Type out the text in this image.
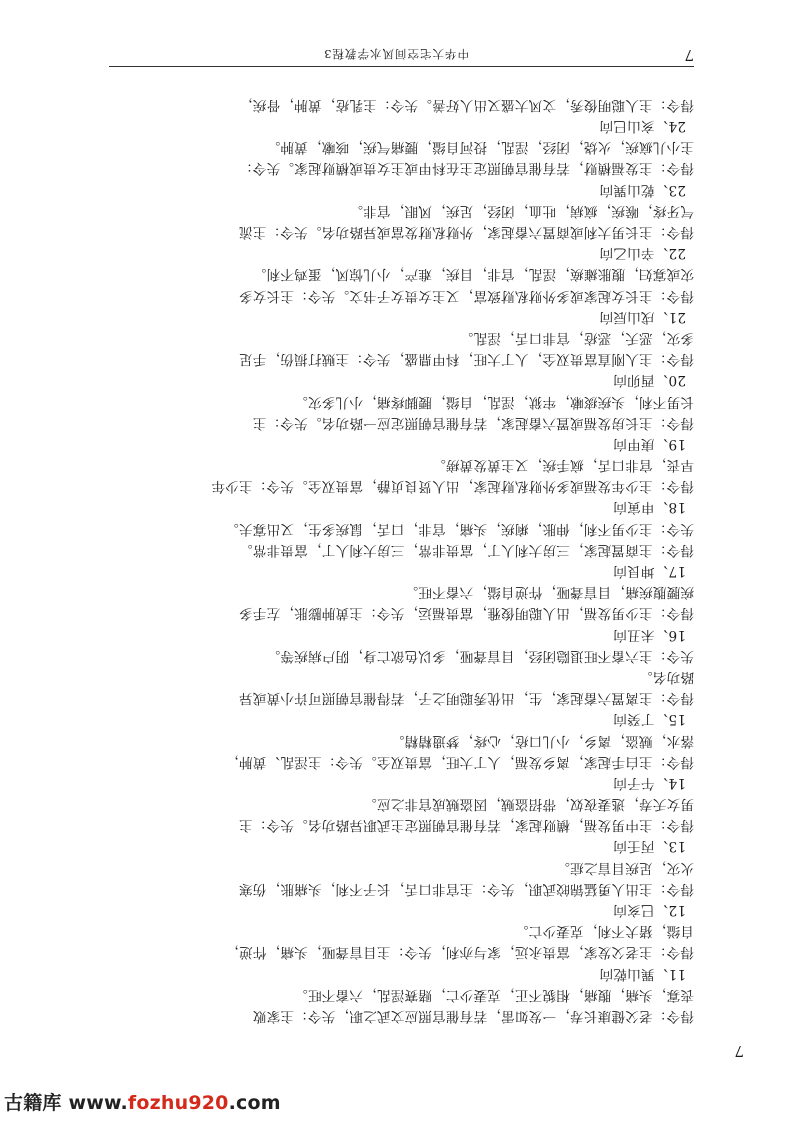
7
得令：老父健康长寿，一发如雷，若有催官照应文武之职，失令：主家败
丧寡，头痛，腹痛，相貌不正，克妻少亡，赌赛淫乱，六畜不旺。
11、巽山乾向
得令：主老父发家，富贵永远，家与亦利，失令：主目盲聋哑，头痛，忤逆，
自缢，猪犬不利，克妻少亡。
12、巳亥向
得令：主出人勇猛锦皎武职，失令：主官非口舌，长子不利，头痛胀，伤寒
火灾，足疾目盲之症。
13、丙壬向
得令：主中男发福，横财起家，若有催官朝照定主武职异路功名。失令：主
男女夭寿，逃妻夜奴，带招盗贼，因盗贼成官非之应。
14、午子向
得令：主白手起家，离乡发福，人丁大旺，富贵双全。失令：主淫乱、黄肿，
落水，贼盗，离乡，小儿口疮，心疼，梦遗精精。
15、丁癸向
得令：主离置六畜起家，生，出优秀聪明之子，若得催官朝照可许小黄或异
路功名。
失令：主六畜不旺退隐闭经，目盲聋哑，多以色欲亡身，阴户病疾等。
16、未丑向
得令：主少男发福，出人聪明俊雅，富贵福运，失令：主黄肿膨胀，左手多
疾腰腹疾痛，目盲聋哑，忤逆自缢，六畜不旺。
17、坤艮向
得令：主商置起家，三房大利人丁，富贵非常，三房大利人丁，富贵非常。
失令：主少男不利，伸胀，痢疾，头痛，官非，口舌，鼠疾多生，又出寡夫。
18、申寅向
得令：主少年发福或多外财私财起家，出人贤良贞静，富贵双全。失令：主少年
早丧，官非口舌，疯手疾，又主黄发黄痨。
19、庚甲向
得令：主长房发福或置六畜起家，若有催官朝照定应一路功名。失令：主
长男不利，头疾痰嗽，牢狱，淫乱，自缢，腰脚疼痛，小儿多灾。
20、酉卯向
得令：主人刚直富贵双全，人丁大旺，科甲鼎盛，失令：主贼打损伤，手足
多灾，恶夭，恶疮，官非口舌，淫乱。
21、戌山辰向
得令：主长女起家或多外财私财致富，又主女贵女子书文。失令：主长女多
灾或寡妇，腹胀瘫痪，淫乱，官非，目疾，难产，小儿惊风，蛋鸡不利。
22、辛山乙向
得令：主长男大利或商置六畜起家，外财私财发富或异路功名。失令：主流
气牙疼，喉疾，疯病，吐血，闭经，足疾，风眼，官非。
23、乾山巽向
得令：主发福横财，若有催官朝照定主在科甲或主女贵或横财起家。失令：
主小儿疯疾，火烧，闭经，淫乱，投河自缢，腰痛气疾，咳嗽，黄肿。
24、亥山巳向
得令：主人聪明俊秀，文风大盛又出人好善。失令：主乳疮，黄肿，骨疾，
7
中华大宅空间风水学教程3
古籍库 www.fozhu920.com
